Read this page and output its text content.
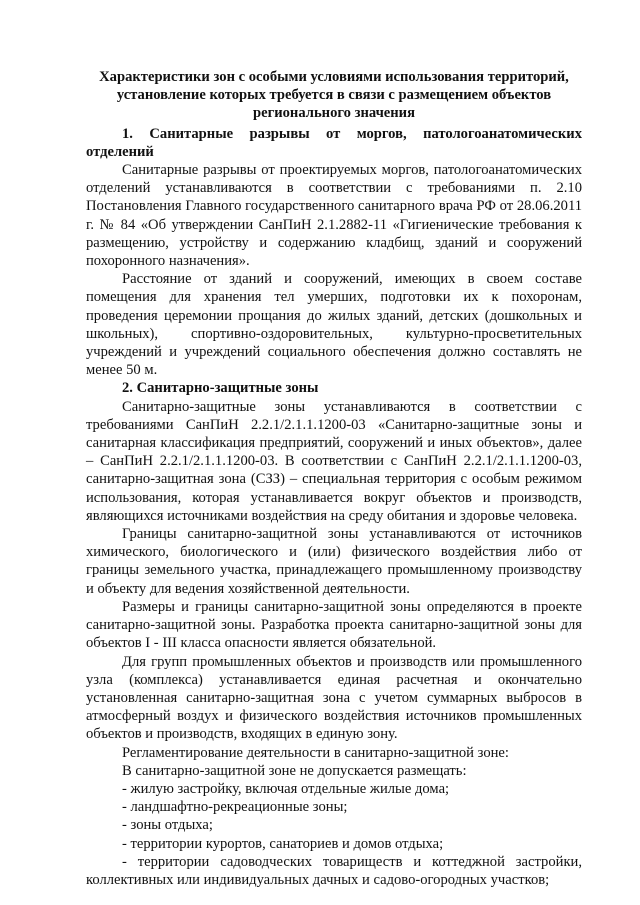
Характеристики зон с особыми условиями использования территорий, установление которых требуется в связи с размещением объектов регионального значения
1. Санитарные разрывы от моргов, патологоанатомических отделений

Санитарные разрывы от проектируемых моргов, патологоанатомических отделений устанавливаются в соответствии с требованиями п. 2.10 Постановления Главного государственного санитарного врача РФ от 28.06.2011 г. № 84 «Об утверждении СанПиН 2.1.2882-11 «Гигиенические требования к размещению, устройству и содержанию кладбищ, зданий и сооружений похоронного назначения».

Расстояние от зданий и сооружений, имеющих в своем составе помещения для хранения тел умерших, подготовки их к похоронам, проведения церемонии прощания до жилых зданий, детских (дошкольных и школьных), спортивно-оздоровительных, культурно-просветительных учреждений и учреждений социального обеспечения должно составлять не менее 50 м.

2. Санитарно-защитные зоны

Санитарно-защитные зоны устанавливаются в соответствии с требованиями СанПиН 2.2.1/2.1.1.1200-03 «Санитарно-защитные зоны и санитарная классификация предприятий, сооружений и иных объектов», далее – СанПиН 2.2.1/2.1.1.1200-03. В соответствии с СанПиН 2.2.1/2.1.1.1200-03, санитарно-защитная зона (СЗЗ) – специальная территория с особым режимом использования, которая устанавливается вокруг объектов и производств, являющихся источниками воздействия на среду обитания и здоровье человека.

Границы санитарно-защитной зоны устанавливаются от источников химического, биологического и (или) физического воздействия либо от границы земельного участка, принадлежащего промышленному производству и объекту для ведения хозяйственной деятельности.

Размеры и границы санитарно-защитной зоны определяются в проекте санитарно-защитной зоны. Разработка проекта санитарно-защитной зоны для объектов I - III класса опасности является обязательной.

Для групп промышленных объектов и производств или промышленного узла (комплекса) устанавливается единая расчетная и окончательно установленная санитарно-защитная зона с учетом суммарных выбросов в атмосферный воздух и физического воздействия источников промышленных объектов и производств, входящих в единую зону.

Регламентирование деятельности в санитарно-защитной зоне:

В санитарно-защитной зоне не допускается размещать:

- жилую застройку, включая отдельные жилые дома;

- ландшафтно-рекреационные зоны;

- зоны отдыха;

- территории курортов, санаториев и домов отдыха;

- территории садоводческих товариществ и коттеджной застройки, коллективных или индивидуальных дачных и садово-огородных участков;
